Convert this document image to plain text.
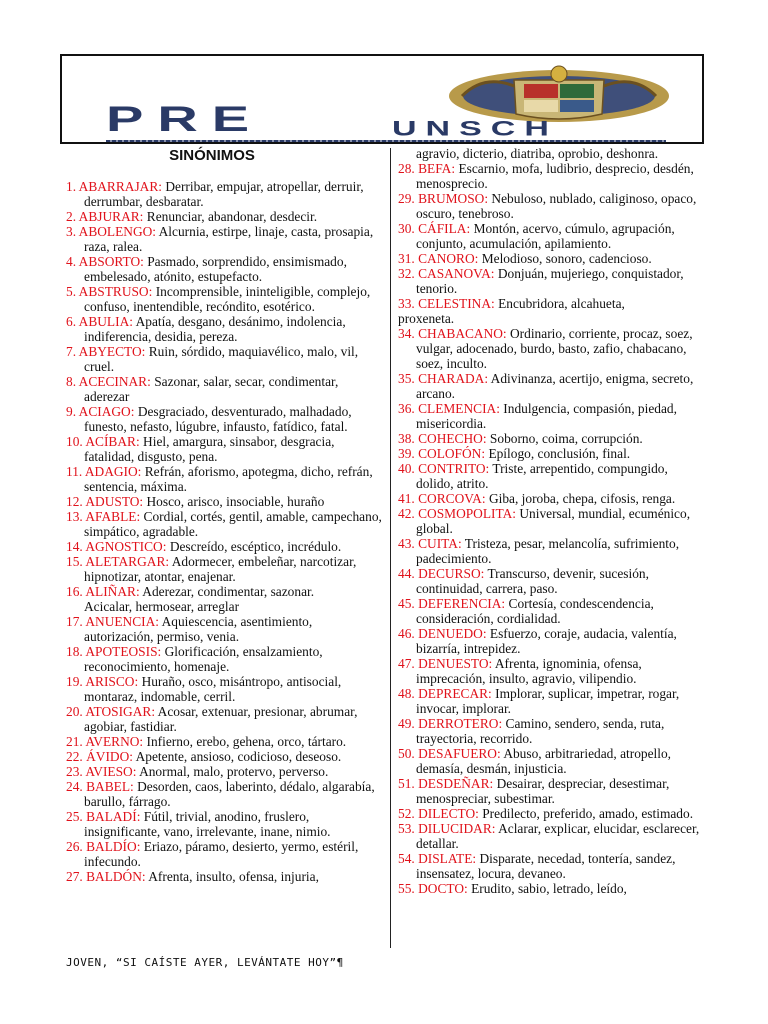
PRE	UNSCH
SINÓNIMOS

1. ABARRAJAR: Derribar, empujar, atropellar, derruir, derrumbar, desbaratar.

2. ABJURAR: Renunciar, abandonar, desdecir.

3. ABOLENGO: Alcurnia, estirpe, linaje, casta, prosapia, raza, ralea.

4. ABSORTO: Pasmado, sorprendido, ensimismado, embelesado, atónito, estupefacto.

5. ABSTRUSO: Incomprensible, ininteligible, complejo, confuso, inentendible, recóndito, esotérico.

6. ABULIA: Apatía, desgano, desánimo, indolencia, indiferencia, desidia, pereza.

7. ABYECTO: Ruin, sórdido, maquiavélico, malo, vil, cruel.

8. ACECINAR: Sazonar, salar, secar, condimentar, aderezar

9. ACIAGO: Desgraciado, desventurado, malhadado, funesto, nefasto, lúgubre, infausto, fatídico, fatal.

10. ACÍBAR: Hiel, amargura, sinsabor, desgracia, fatalidad, disgusto, pena.

11. ADAGIO: Refrán, aforismo, apotegma, dicho, refrán, sentencia, máxima.

12. ADUSTO: Hosco, arisco, insociable, huraño

13. AFABLE: Cordial, cortés, gentil, amable, campechano, simpático, agradable.

14. AGNOSTICO: Descreído, escéptico, incrédulo.

15. ALETARGAR: Adormecer, embeleñar, narcotizar, hipnotizar, atontar, enajenar.

16. ALIÑAR: Aderezar, condimentar, sazonar.

Acicalar, hermosear, arreglar

17. ANUENCIA: Aquiescencia, asentimiento, autorización, permiso, venia.

18. APOTEOSIS: Glorificación, ensalzamiento, reconocimiento, homenaje.

19. ARISCO: Huraño, osco, misántropo, antisocial, montaraz, indomable, cerril.

20. ATOSIGAR: Acosar, extenuar, presionar, abrumar, agobiar, fastidiar.

21. AVERNO: Infierno, erebo, gehena, orco, tártaro.

22. ÁVIDO: Apetente, ansioso, codicioso, deseoso.

23. AVIESO: Anormal, malo, protervo, perverso.

24. BABEL: Desorden, caos, laberinto, dédalo, algarabía, barullo, fárrago.

25. BALADÍ: Fútil, trivial, anodino, fruslero, insignificante, vano, irrelevante, inane, nimio.

26. BALDÍO: Eriazo, páramo, desierto, yermo, estéril, infecundo.

27. BALDÓN: Afrenta, insulto, ofensa, injuria,

agravio, dicterio, diatriba, oprobio, deshonra.

28. BEFA: Escarnio, mofa, ludibrio, desprecio, desdén, menosprecio.

29. BRUMOSO: Nebuloso, nublado, caliginoso, opaco, oscuro, tenebroso.

30. CÁFILA: Montón, acervo, cúmulo, agrupación, conjunto, acumulación, apilamiento.

31. CANORO: Melodioso, sonoro, cadencioso.

32. CASANOVA: Donjuán, mujeriego, conquistador, tenorio.

33. CELESTINA: Encubridora, alcahueta,

proxeneta.

34. CHABACANO: Ordinario, corriente, procaz, soez, vulgar, adocenado, burdo, basto, zafio, chabacano, soez, inculto.

35. CHARADA: Adivinanza, acertijo, enigma, secreto, arcano.

36. CLEMENCIA: Indulgencia, compasión, piedad, misericordia.

38. COHECHO: Soborno, coima, corrupción.

39. COLOFÓN: Epílogo, conclusión, final.

40. CONTRITO: Triste, arrepentido, compungido, dolido, atrito.

41. CORCOVA: Giba, joroba, chepa, cifosis, renga.

42. COSMOPOLITA: Universal, mundial, ecuménico, global.

43. CUITA: Tristeza, pesar, melancolía, sufrimiento, padecimiento.

44. DECURSO: Transcurso, devenir, sucesión, continuidad, carrera, paso.

45. DEFERENCIA: Cortesía, condescendencia, consideración, cordialidad.

46. DENUEDO: Esfuerzo, coraje, audacia, valentía, bizarría, intrepidez.

47. DENUESTO: Afrenta, ignominia, ofensa, imprecación, insulto, agravio, vilipendio.

48. DEPRECAR: Implorar, suplicar, impetrar, rogar, invocar, implorar.

49. DERROTERO: Camino, sendero, senda, ruta, trayectoria, recorrido.

50. DESAFUERO: Abuso, arbitrariedad, atropello, demasía, desmán, injusticia.

51. DESDEÑAR: Desairar, despreciar, desestimar, menospreciar, subestimar.

52. DILECTO: Predilecto, preferido, amado, estimado.

53. DILUCIDAR: Aclarar, explicar, elucidar, esclarecer, detallar.

54. DISLATE: Disparate, necedad, tontería, sandez, insensatez, locura, devaneo.

55. DOCTO: Erudito, sabio, letrado, leído,

JOVEN, “SI CAÍSTE AYER, LEVÁNTATE HOY”¶
